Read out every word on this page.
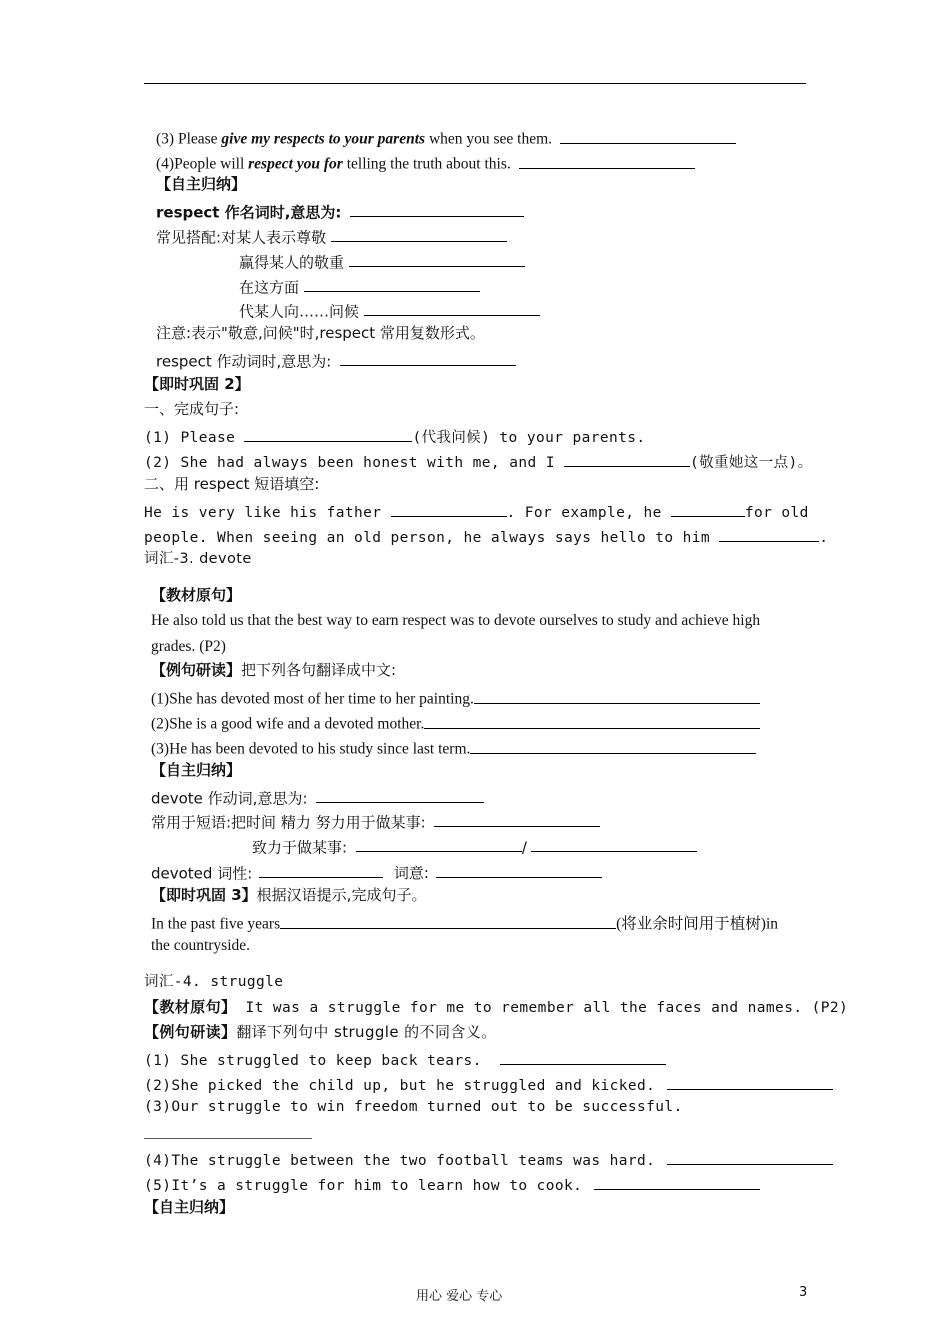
(3) Please give my respects to your parents when you see them.
(4)People will respect you for telling the truth about this.
【自主归纳】
respect 作名词时,意思为:
常见搭配:对某人表示尊敬
赢得某人的敬重
在这方面
代某人向……问候
注意:表示"敬意,问候"时,respect 常用复数形式。
respect 作动词时,意思为:
【即时巩固 2】
一、完成句子:
(1) Please	(代我问候) to your parents.
(2) She had always been honest with me, and I	(敬重她这一点)。
二、用 respect 短语填空:
He is very like his father	. For example, he	for old
people. When seeing an old person, he always says hello to him	.
词汇-3. devote
【教材原句】
He also told us that the best way to earn respect was to devote ourselves to study and achieve high
grades. (P2)
【例句研读】把下列各句翻译成中文:
(1)She has devoted most of her time to her painting.
(2)She is a good wife and a devoted mother.
(3)He has been devoted to his study since last term.
【自主归纳】
devote 作动词,意思为:
常用于短语:把时间 精力 努力用于做某事:
致力于做某事:	/
devoted 词性:	词意:
【即时巩固 3】根据汉语提示,完成句子。
In the past five years	(将业余时间用于植树)in
the countryside.
词汇-4. struggle
【教材原句】 It was a struggle for me to remember all the faces and names. (P2)
【例句研读】翻译下列句中 struggle 的不同含义。
(1) She struggled to keep back tears.
(2)She picked the child up, but he struggled and kicked.
(3)Our struggle to win freedom turned out to be successful.
(4)The struggle between the two football teams was hard.
(5)It’s a struggle for him to learn how to cook.
【自主归纳】
用心 爱心 专心	3
